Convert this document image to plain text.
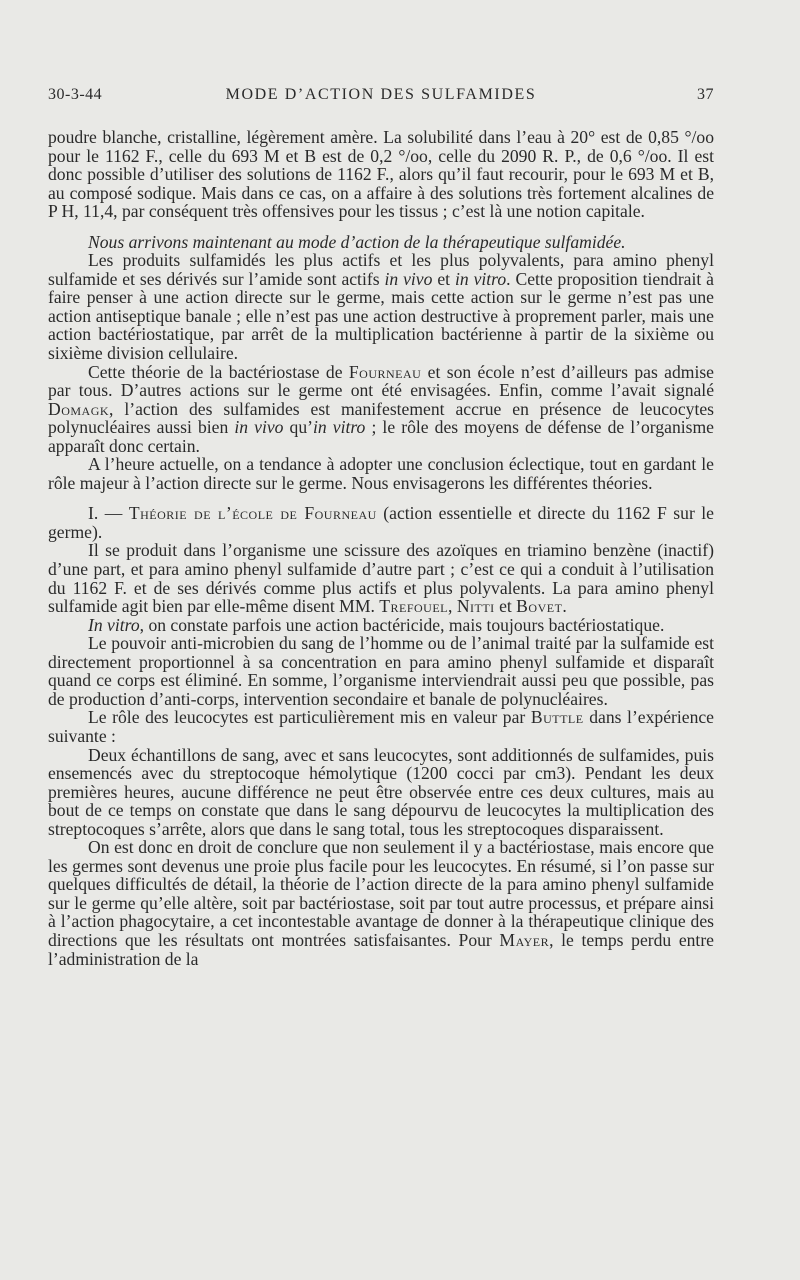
30-3-44	MODE D’ACTION DES SULFAMIDES	37

poudre blanche, cristalline, légèrement amère. La solubilité dans l’eau à 20° est de 0,85 °/oo pour le 1162 F., celle du 693 M et B est de 0,2 °/oo, celle du 2090 R. P., de 0,6 °/oo. Il est donc possible d’utiliser des solutions de 1162 F., alors qu’il faut recourir, pour le 693 M et B, au composé sodique. Mais dans ce cas, on a affaire à des solutions très fortement alcalines de P H, 11,4, par conséquent très offensives pour les tissus ; c’est là une notion capitale.

Nous arrivons maintenant au mode d’action de la thérapeutique sulfamidée.

Les produits sulfamidés les plus actifs et les plus polyvalents, para amino phenyl sulfamide et ses dérivés sur l’amide sont actifs in vivo et in vitro. Cette proposition tiendrait à faire penser à une action directe sur le germe, mais cette action sur le germe n’est pas une action antiseptique banale ; elle n’est pas une action destructive à proprement parler, mais une action bactériostatique, par arrêt de la multiplication bactérienne à partir de la sixième ou sixième division cellulaire.

Cette théorie de la bactériostase de Fourneau et son école n’est d’ailleurs pas admise par tous. D’autres actions sur le germe ont été envisagées. Enfin, comme l’avait signalé Domagk, l’action des sulfamides est manifestement accrue en présence de leucocytes polynucléaires aussi bien in vivo qu’in vitro ; le rôle des moyens de défense de l’organisme apparaît donc certain.

A l’heure actuelle, on a tendance à adopter une conclusion éclectique, tout en gardant le rôle majeur à l’action directe sur le germe. Nous envisagerons les différentes théories.

I. — Théorie de l’école de Fourneau (action essentielle et directe du 1162 F sur le germe).

Il se produit dans l’organisme une scissure des azoïques en triamino benzène (inactif) d’une part, et para amino phenyl sulfamide d’autre part ; c’est ce qui a conduit à l’utilisation du 1162 F. et de ses dérivés comme plus actifs et plus polyvalents. La para amino phenyl sulfamide agit bien par elle-même disent MM. Trefouel, Nitti et Bovet.

In vitro, on constate parfois une action bactéricide, mais toujours bactériostatique.

Le pouvoir anti-microbien du sang de l’homme ou de l’animal traité par la sulfamide est directement proportionnel à sa concentration en para amino phenyl sulfamide et disparaît quand ce corps est éliminé. En somme, l’organisme interviendrait aussi peu que possible, pas de production d’anti-corps, intervention secondaire et banale de polynucléaires.

Le rôle des leucocytes est particulièrement mis en valeur par Buttle dans l’expérience suivante :

Deux échantillons de sang, avec et sans leucocytes, sont additionnés de sulfamides, puis ensemencés avec du streptocoque hémolytique (1200 cocci par cm3). Pendant les deux premières heures, aucune différence ne peut être observée entre ces deux cultures, mais au bout de ce temps on constate que dans le sang dépourvu de leucocytes la multiplication des streptocoques s’arrête, alors que dans le sang total, tous les streptocoques disparaissent.

On est donc en droit de conclure que non seulement il y a bactériostase, mais encore que les germes sont devenus une proie plus facile pour les leucocytes. En résumé, si l’on passe sur quelques difficultés de détail, la théorie de l’action directe de la para amino phenyl sulfamide sur le germe qu’elle altère, soit par bactériostase, soit par tout autre processus, et prépare ainsi à l’action phagocytaire, a cet incontestable avantage de donner à la thérapeutique clinique des directions que les résultats ont montrées satisfaisantes. Pour Mayer, le temps perdu entre l’administration de la
